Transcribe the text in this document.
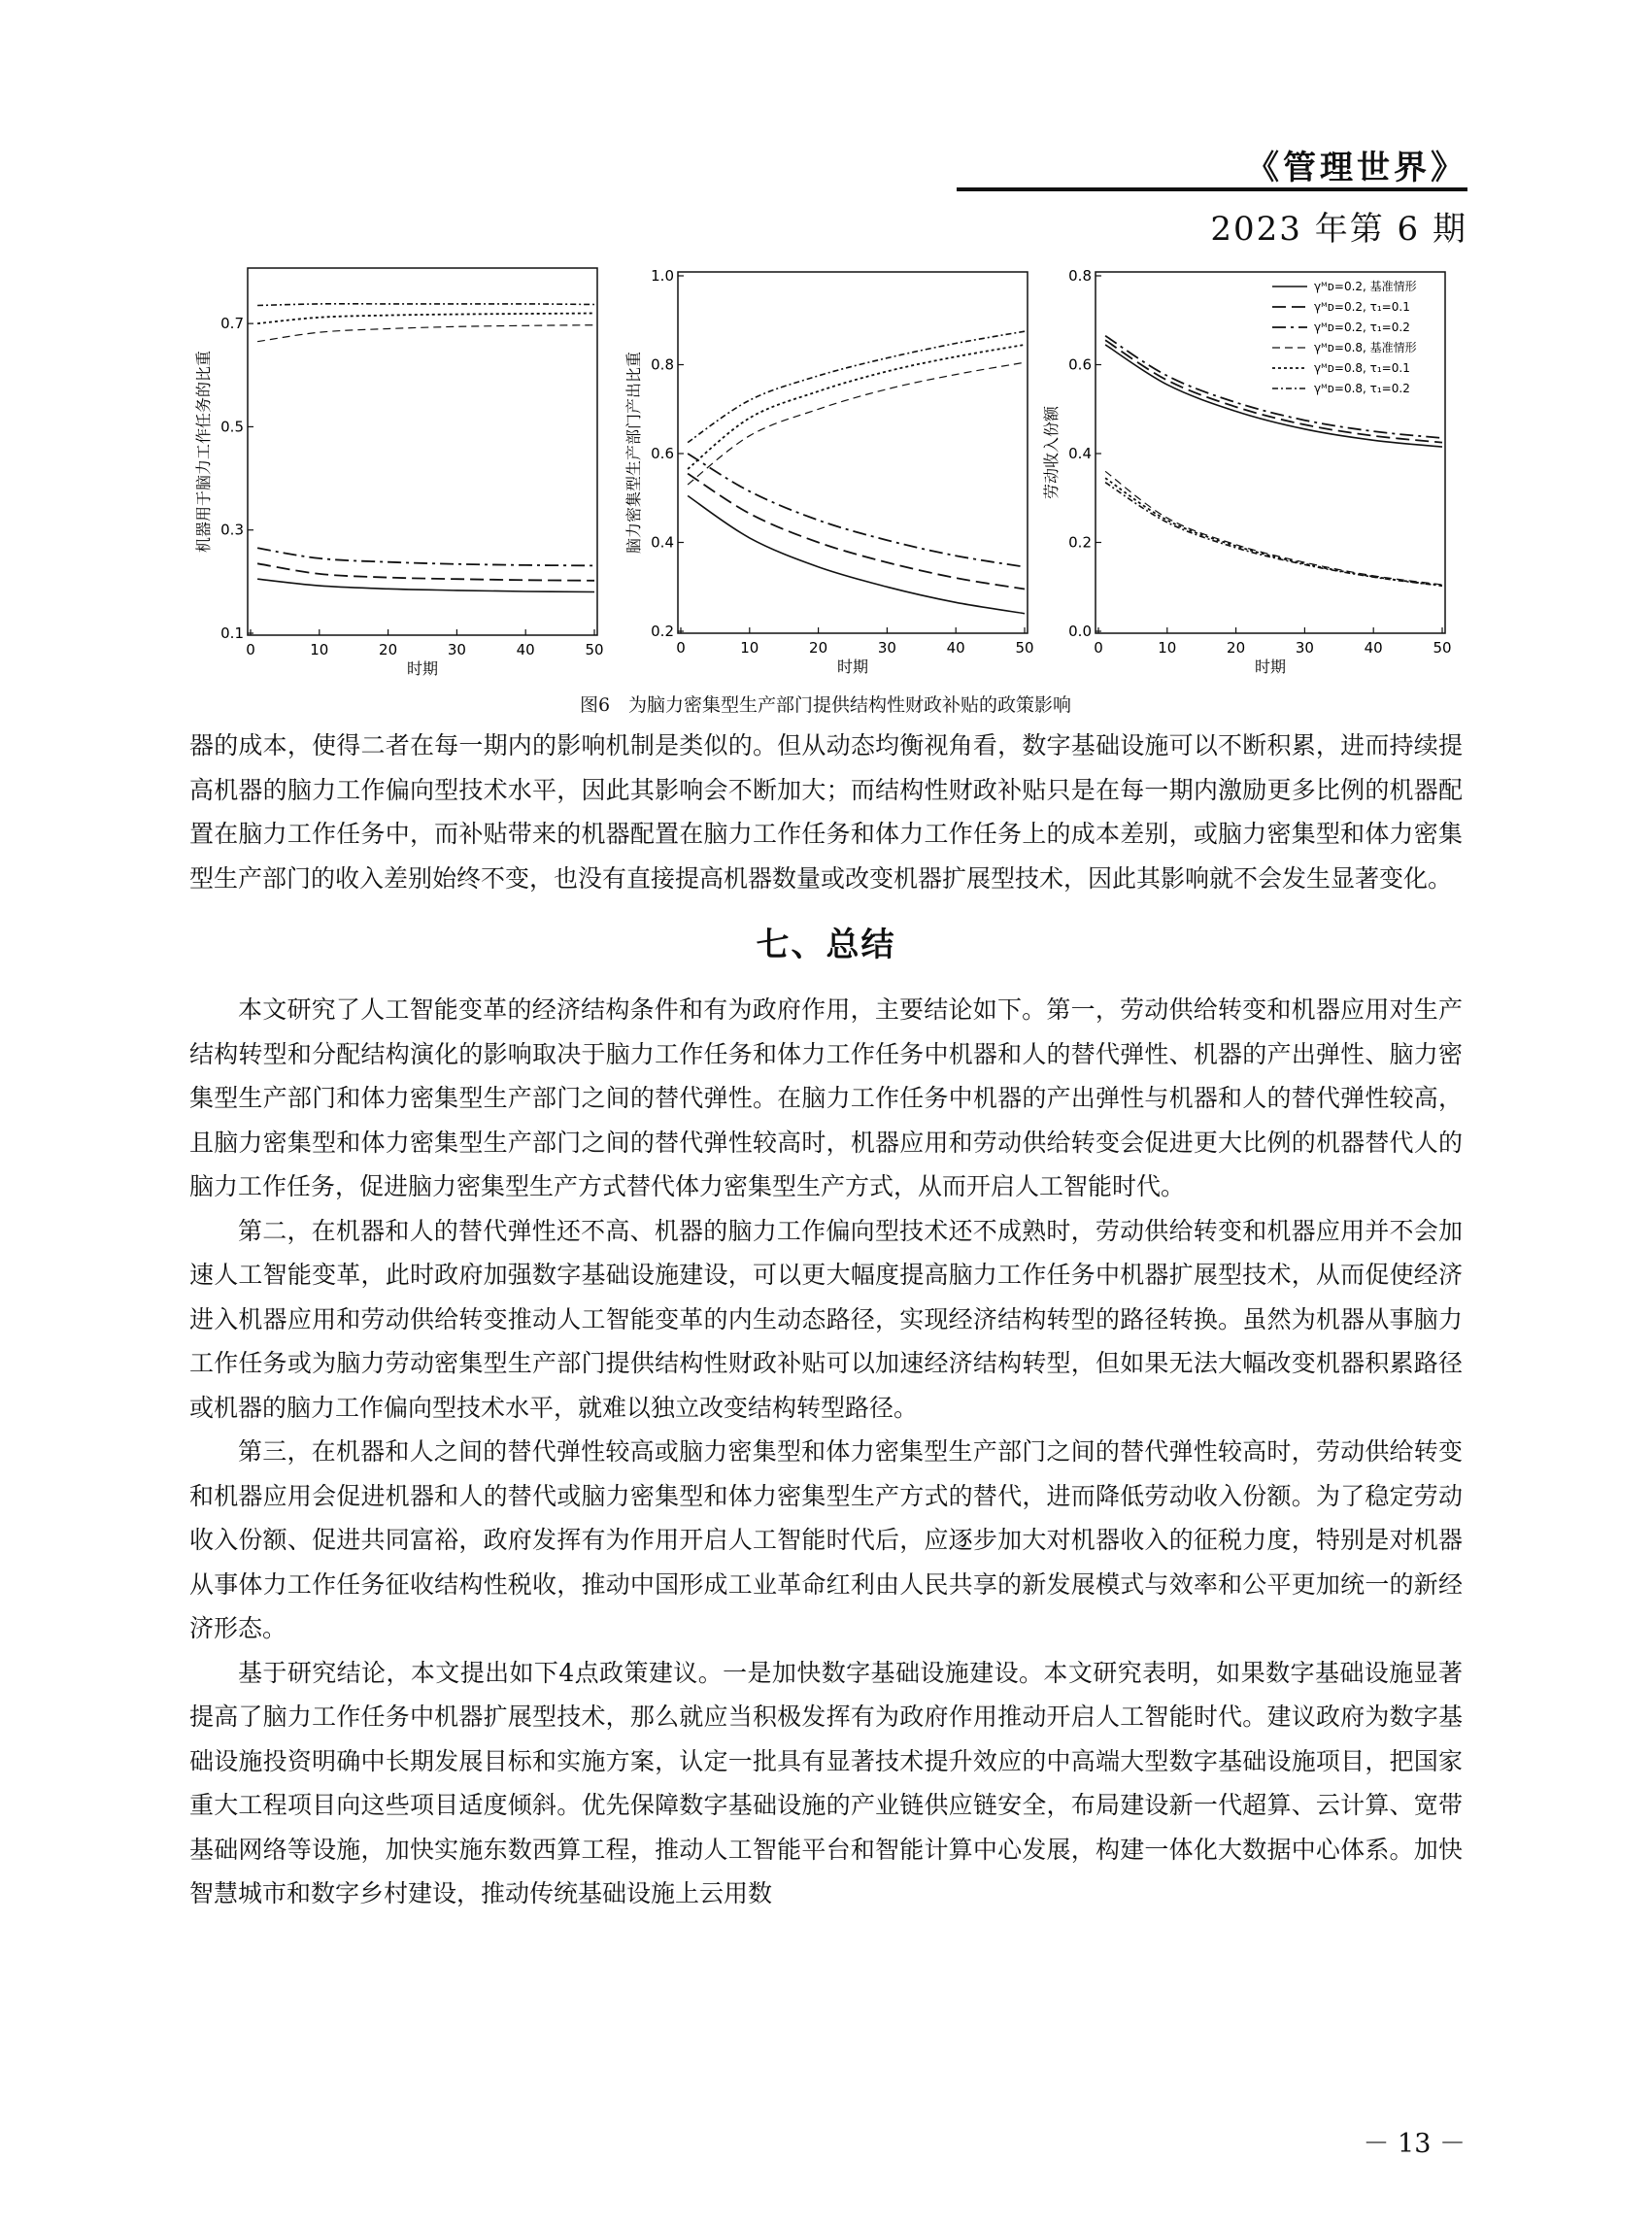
《管理世界》
2023 年第 6 期
0	10	20	30	40	50
0.1
0.3
0.5
0.7
时期
机器用于脑力工作任务的比重
0	10	20	30	40	50
0.2
0.4
0.6
0.8
1.0
时期
脑力密集型生产部门产出比重
0	10	20	30	40	50
0.0
0.2
0.4
0.6
0.8
时期
劳动收入份额
γᴹᴅ=0.2, 基准情形
γᴹᴅ=0.2, τ₁=0.1
γᴹᴅ=0.2, τ₁=0.2
γᴹᴅ=0.8, 基准情形
γᴹᴅ=0.8, τ₁=0.1
γᴹᴅ=0.8, τ₁=0.2
图6　为脑力密集型生产部门提供结构性财政补贴的政策影响

器的成本，使得二者在每一期内的影响机制是类似的。但从动态均衡视角看，数字基础设施可以不断积累，进而持续提高机器的脑力工作偏向型技术水平，因此其影响会不断加大；而结构性财政补贴只是在每一期内激励更多比例的机器配置在脑力工作任务中，而补贴带来的机器配置在脑力工作任务和体力工作任务上的成本差别，或脑力密集型和体力密集型生产部门的收入差别始终不变，也没有直接提高机器数量或改变机器扩展型技术，因此其影响就不会发生显著变化。

七、总结

本文研究了人工智能变革的经济结构条件和有为政府作用，主要结论如下。第一，劳动供给转变和机器应用对生产结构转型和分配结构演化的影响取决于脑力工作任务和体力工作任务中机器和人的替代弹性、机器的产出弹性、脑力密集型生产部门和体力密集型生产部门之间的替代弹性。在脑力工作任务中机器的产出弹性与机器和人的替代弹性较高，且脑力密集型和体力密集型生产部门之间的替代弹性较高时，机器应用和劳动供给转变会促进更大比例的机器替代人的脑力工作任务，促进脑力密集型生产方式替代体力密集型生产方式，从而开启人工智能时代。

第二，在机器和人的替代弹性还不高、机器的脑力工作偏向型技术还不成熟时，劳动供给转变和机器应用并不会加速人工智能变革，此时政府加强数字基础设施建设，可以更大幅度提高脑力工作任务中机器扩展型技术，从而促使经济进入机器应用和劳动供给转变推动人工智能变革的内生动态路径，实现经济结构转型的路径转换。虽然为机器从事脑力工作任务或为脑力劳动密集型生产部门提供结构性财政补贴可以加速经济结构转型，但如果无法大幅改变机器积累路径或机器的脑力工作偏向型技术水平，就难以独立改变结构转型路径。

第三，在机器和人之间的替代弹性较高或脑力密集型和体力密集型生产部门之间的替代弹性较高时，劳动供给转变和机器应用会促进机器和人的替代或脑力密集型和体力密集型生产方式的替代，进而降低劳动收入份额。为了稳定劳动收入份额、促进共同富裕，政府发挥有为作用开启人工智能时代后，应逐步加大对机器收入的征税力度，特别是对机器从事体力工作任务征收结构性税收，推动中国形成工业革命红利由人民共享的新发展模式与效率和公平更加统一的新经济形态。

基于研究结论，本文提出如下4点政策建议。一是加快数字基础设施建设。本文研究表明，如果数字基础设施显著提高了脑力工作任务中机器扩展型技术，那么就应当积极发挥有为政府作用推动开启人工智能时代。建议政府为数字基础设施投资明确中长期发展目标和实施方案，认定一批具有显著技术提升效应的中高端大型数字基础设施项目，把国家重大工程项目向这些项目适度倾斜。优先保障数字基础设施的产业链供应链安全，布局建设新一代超算、云计算、宽带基础网络等设施，加快实施东数西算工程，推动人工智能平台和智能计算中心发展，构建一体化大数据中心体系。加快智慧城市和数字乡村建设，推动传统基础设施上云用数

－ 13 －
